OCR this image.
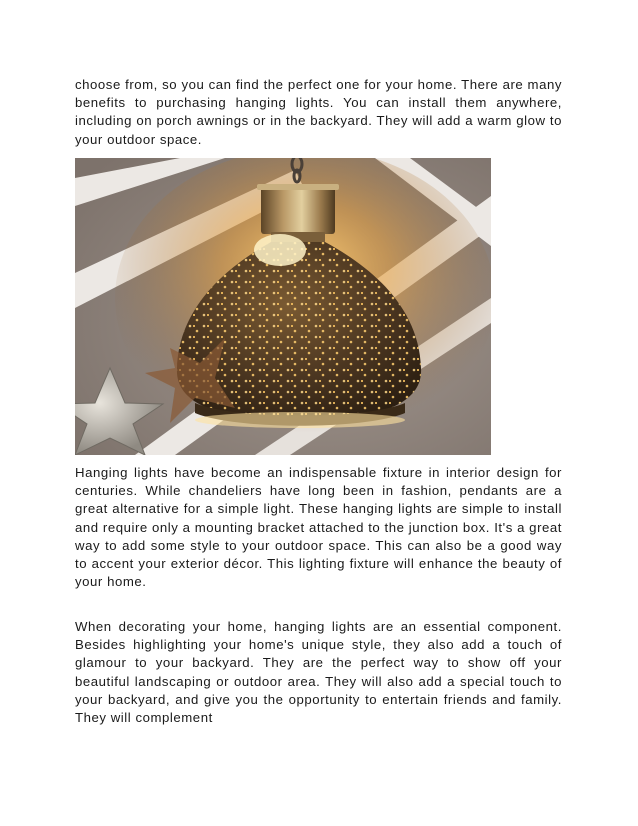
choose from, so you can find the perfect one for your home. There are many benefits to purchasing hanging lights. You can install them anywhere, including on porch awnings or in the backyard. They will add a warm glow to your outdoor space.

Hanging lights have become an indispensable fixture in interior design for centuries. While chandeliers have long been in fashion, pendants are a great alternative for a simple light. These hanging lights are simple to install and require only a mounting bracket attached to the junction box. It's a great way to add some style to your outdoor space. This can also be a good way to accent your exterior décor. This lighting fixture will enhance the beauty of your home.

When decorating your home, hanging lights are an essential component. Besides highlighting your home's unique style, they also add a touch of glamour to your backyard. They are the perfect way to show off your beautiful landscaping or outdoor area. They will also add a special touch to your backyard, and give you the opportunity to entertain friends and family. They will complement
